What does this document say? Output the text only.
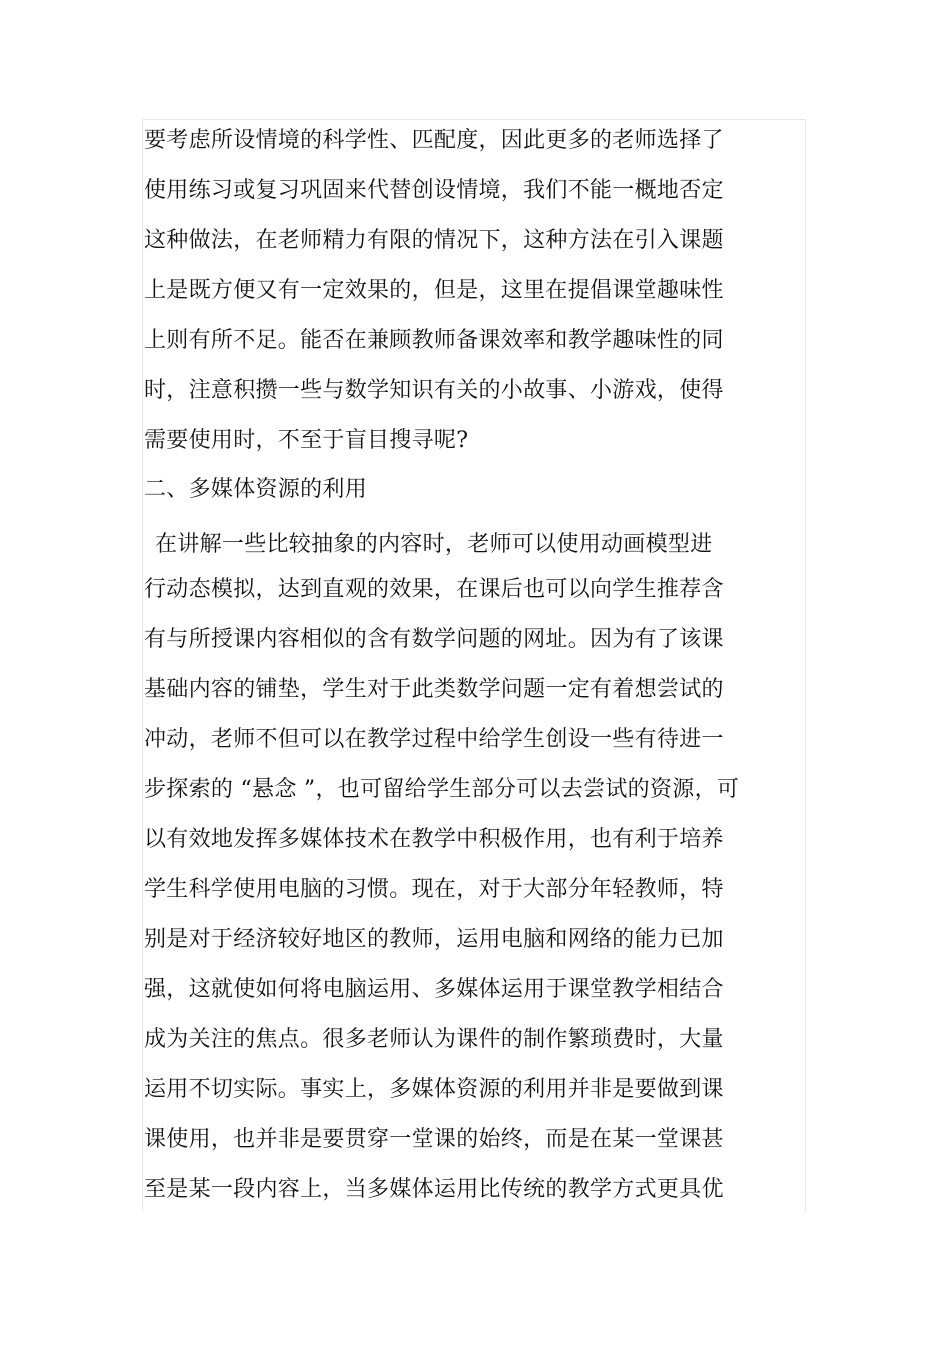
要考虑所设情境的科学性、匹配度，因此更多的老师选择了
使用练习或复习巩固来代替创设情境，我们不能一概地否定
这种做法，在老师精力有限的情况下，这种方法在引入课题
上是既方便又有一定效果的，但是，这里在提倡课堂趣味性
上则有所不足。能否在兼顾教师备课效率和教学趣味性的同
时，注意积攒一些与数学知识有关的小故事、小游戏，使得
需要使用时，不至于盲目搜寻呢?
二、多媒体资源的利用
在讲解一些比较抽象的内容时，老师可以使用动画模型进
行动态模拟，达到直观的效果，在课后也可以向学生推荐含
有与所授课内容相似的含有数学问题的网址。因为有了该课
基础内容的铺垫，学生对于此类数学问题一定有着想尝试的
冲动，老师不但可以在教学过程中给学生创设一些有待进一
步探索的 “悬念 ”，也可留给学生部分可以去尝试的资源，可
以有效地发挥多媒体技术在教学中积极作用，也有利于培养
学生科学使用电脑的习惯。现在，对于大部分年轻教师，特
别是对于经济较好地区的教师，运用电脑和网络的能力已加
强，这就使如何将电脑运用、多媒体运用于课堂教学相结合
成为关注的焦点。很多老师认为课件的制作繁琐费时，大量
运用不切实际。事实上，多媒体资源的利用并非是要做到课
课使用，也并非是要贯穿一堂课的始终，而是在某一堂课甚
至是某一段内容上，当多媒体运用比传统的教学方式更具优
